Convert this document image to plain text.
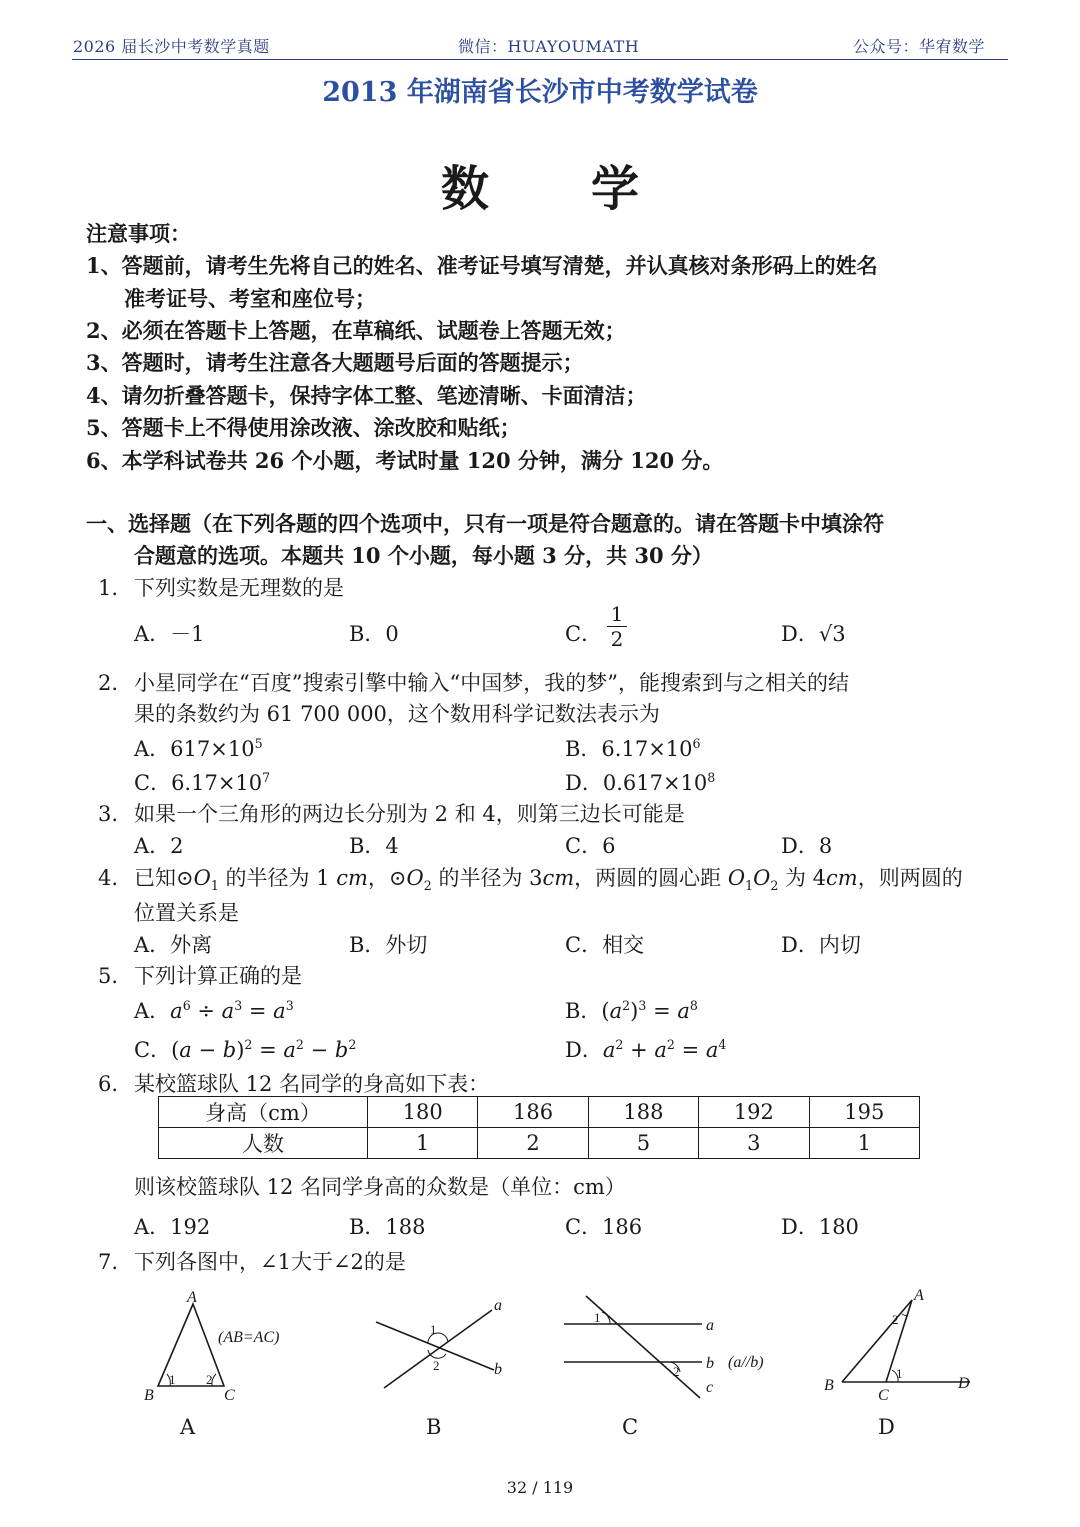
2026 届长沙中考数学真题	微信：HUAYOUMATH	公众号：华宥数学
2013 年湖南省长沙市中考数学试卷
数学
注意事项：
1、答题前，请考生先将自己的姓名、准考证号填写清楚，并认真核对条形码上的姓名
准考证号、考室和座位号；
2、必须在答题卡上答题，在草稿纸、试题卷上答题无效；
3、答题时，请考生注意各大题题号后面的答题提示；
4、请勿折叠答题卡，保持字体工整、笔迹清晰、卡面清洁；
5、答题卡上不得使用涂改液、涂改胶和贴纸；
6、本学科试卷共 26 个小题，考试时量 120 分钟，满分 120 分。
一、选择题（在下列各题的四个选项中，只有一项是符合题意的。请在答题卡中填涂符
合题意的选项。本题共 10 个小题，每小题 3 分，共 30 分）
1. 下列实数是无理数的是
A．－1	B．0	C．
1
2	D．√3
2. 小星同学在“百度”搜索引擎中输入“中国梦，我的梦”，能搜索到与之相关的结
果的条数约为 61 700 000，这个数用科学记数法表示为
A．$617\times 10^5$	B．$6.17\times 10^6$
C．$6.17\times 10^7$	D．$0.617\times 10^8$
3. 如果一个三角形的两边长分别为 2 和 4，则第三边长可能是
A．2	B．4	C．6	D．8
4. 已知$⊙O_1$ 的半径为 1 cm，$⊙O_2$ 的半径为 3cm，两圆的圆心距 $O_1O_2$ 为 4cm，则两圆的
位置关系是
A．外离	B．外切	C．相交	D．内切
5. 下列计算正确的是
A．$a^6 \div a^3 = a^3$	B．$(a^2)^3 = a^8$
C．$(a - b)^2 = a^2 - b^2$	D．$a^2 + a^2 = a^4$
6. 某校篮球队 12 名同学的身高如下表：
身高（cm）	180	186	188	192	195
人数	1	2	5	3	1
则该校篮球队 12 名同学身高的众数是（单位：cm）
A．192	B．188	C．186	D．180
7. 下列各图中，∠1大于∠2的是
A
B	C
1 2
(AB=AC)
a
b
1
2
1
2
a
b
c
(a//b)
A
B
C
D
1
2
A	B	C	D
32 / 119
